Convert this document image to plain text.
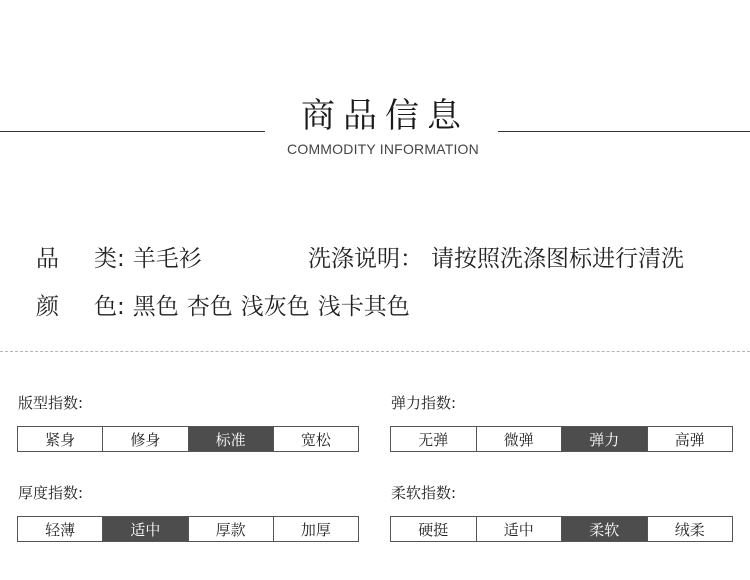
商品信息
COMMODITY INFORMATION
品 类: 羊毛衫	洗涤说明： 请按照洗涤图标进行清洗
颜 色: 黑色 杏色 浅灰色 浅卡其色
版型指数:
紧身	修身	标准	宽松
弹力指数:
无弹	微弹	弹力	高弹
厚度指数:
轻薄	适中	厚款	加厚
柔软指数:
硬挺	适中	柔软	绒柔
